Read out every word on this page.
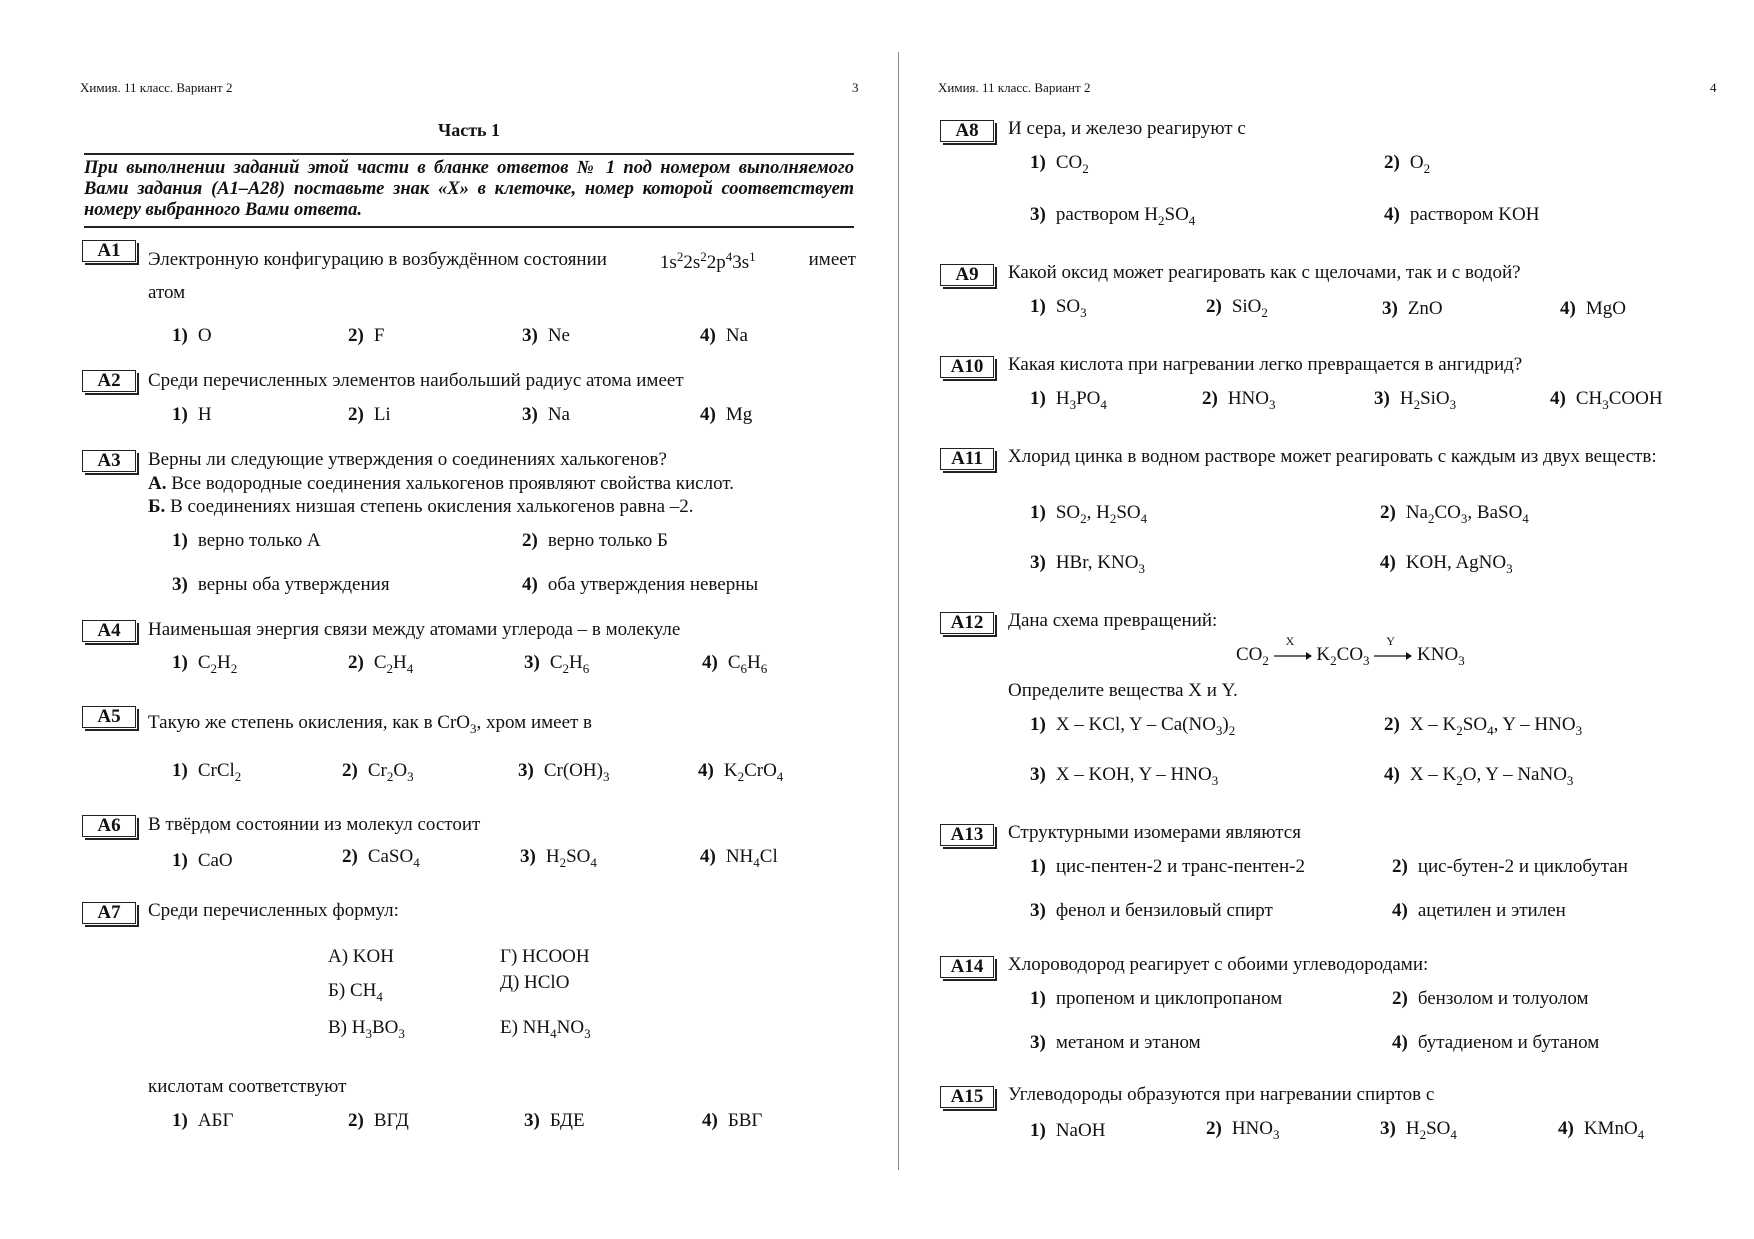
Химия. 11 класс. Вариант 2	3
Часть 1
При выполнении заданий этой части в бланке ответов № 1 под номером выполняемого Вами задания (A1–A28) поставьте знак «X» в клеточке, номер которой соответствует номеру выбранного Вами ответа.
A1	Электронную конфигурацию в возбуждённом состоянии	$1s^22s^22p^43s^1$	имеет
атом
1) O	2) F	3) Ne	4) Na
A2	Среди перечисленных элементов наибольший радиус атома имеет
1) H	2) Li	3) Na	4) Mg
A3	Верны ли следующие утверждения о соединениях халькогенов?
А. Все водородные соединения халькогенов проявляют свойства кислот.
Б. В соединениях низшая степень окисления халькогенов равна –2.
1) верно только А	2) верно только Б
3) верны оба утверждения	4) оба утверждения неверны
A4	Наименьшая энергия связи между атомами углерода – в молекуле
1) $C_2H_2$	2) $C_2H_4$	3) $C_2H_6$	4) $C_6H_6$
A5	Такую же степень окисления, как в CrO$_3$, хром имеет в
1) CrCl$_2$	2) $Cr_2O_3$	3) $Cr(OH)_3$	4) $K_2CrO_4$
A6	В твёрдом состоянии из молекул состоит
1) CaO	2) CaSO$_4$	3) $H_2SO_4$	4) $NH_4Cl$
A7	Среди перечисленных формул:
А) KOH	Г) HCOOH
Б) $CH_4$
Д) HClO
В) $H_3BO_3$	Е) $NH_4NO_3$
кислотам соответствуют
1) АБГ	2) ВГД	3) БДЕ	4) БВГ
Химия. 11 класс. Вариант 2	4
A8	И сера, и железо реагируют с
1) $CO_2$	2) $O_2$
3) раствором $H_2SO_4$	4) раствором KOH
A9	Какой оксид может реагировать как с щелочами, так и с водой?
1) $SO_3$	2) SiO$_2$	3) ZnO	4) MgO
A10	Какая кислота при нагревании легко превращается в ангидрид?
1) $H_3PO_4$	2) $HNO_3$	3) $H_2SiO_3$	4) $CH_3COOH$
A11	Хлорид цинка в водном растворе может реагировать с каждым из двух веществ:
1) $SO_2$, $H_2SO_4$	2) $Na_2CO_3$, BaSO$_4$
3) HBr, $KNO_3$	4) KOH, AgNO$_3$
A12	Дана схема превращений:
$CO_2$
X
$K_2CO_3$
Y
$KNO_3$
Определите вещества X и Y.
1) X – KCl, Y – $Ca(NO_3)_2$	2) X – $K_2SO_4$, Y – $HNO_3$
3) X – KOH, Y – $HNO_3$	4) X – $K_2O$, Y – NaNO$_3$
A13	Структурными изомерами являются
1) цис-пентен-2 и транс-пентен-2	2) цис-бутен-2 и циклобутан
3) фенол и бензиловый спирт	4) ацетилен и этилен
A14	Хлороводород реагирует с обоими углеводородами:
1) пропеном и циклопропаном	2) бензолом и толуолом
3) метаном и этаном	4) бутадиеном и бутаном
A15	Углеводороды образуются при нагревании спиртов с
1) NaOH	2) $HNO_3$	3) $H_2SO_4$	4) KMnO$_4$
